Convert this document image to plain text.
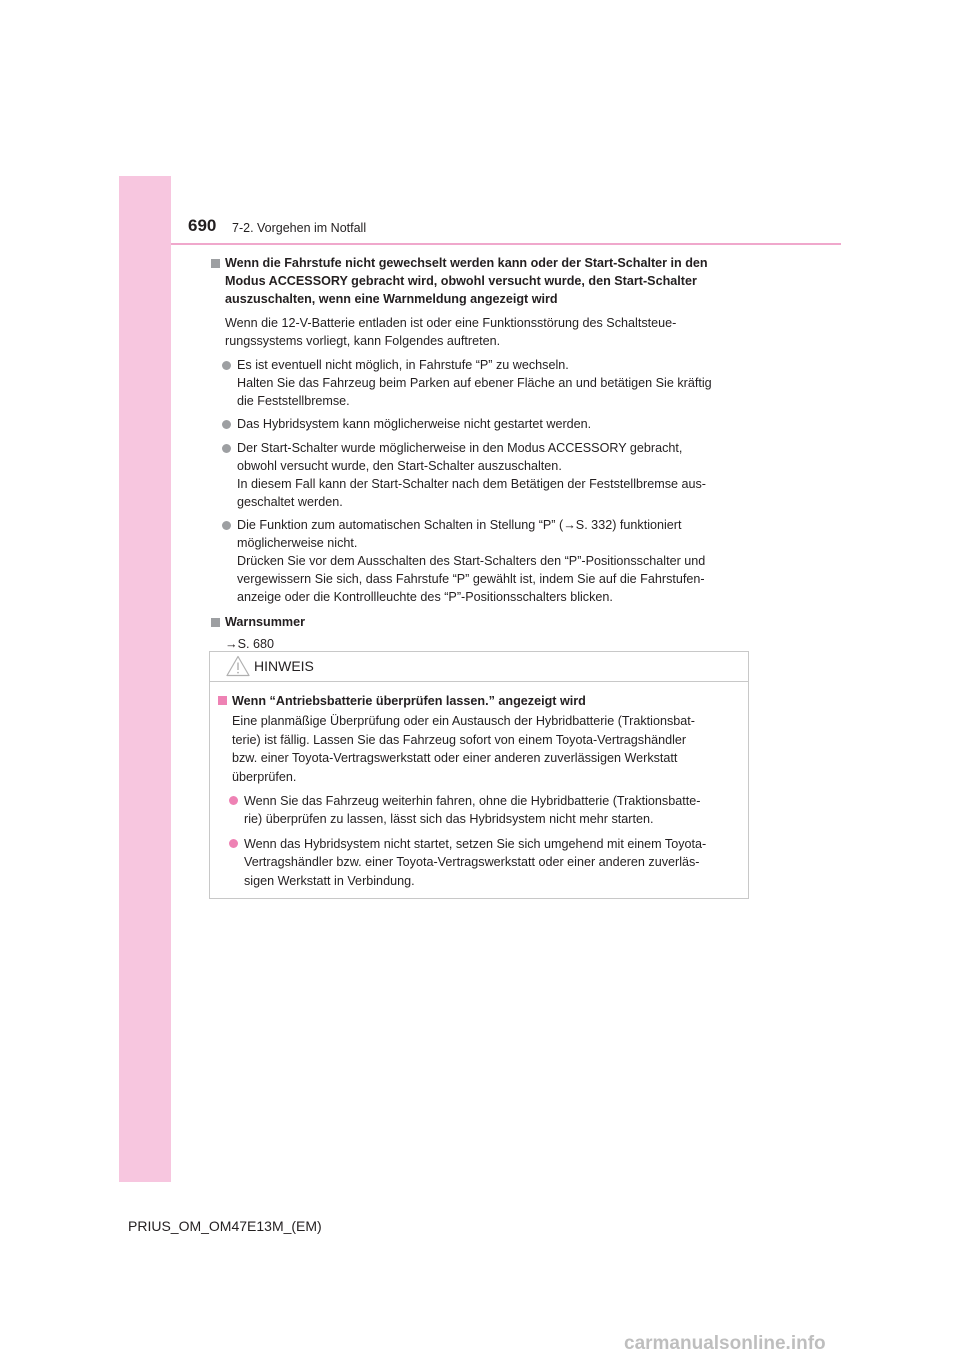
690 7-2. Vorgehen im Notfall
Wenn die Fahrstufe nicht gewechselt werden kann oder der Start-Schalter in den
Modus ACCESSORY gebracht wird, obwohl versucht wurde, den Start-Schalter
auszuschalten, wenn eine Warnmeldung angezeigt wird
Wenn die 12-V-Batterie entladen ist oder eine Funktionsstörung des Schaltsteue-
rungssystems vorliegt, kann Folgendes auftreten.
Es ist eventuell nicht möglich, in Fahrstufe “P” zu wechseln.
Halten Sie das Fahrzeug beim Parken auf ebener Fläche an und betätigen Sie kräftig
die Feststellbremse.
Das Hybridsystem kann möglicherweise nicht gestartet werden.
Der Start-Schalter wurde möglicherweise in den Modus ACCESSORY gebracht,
obwohl versucht wurde, den Start-Schalter auszuschalten.
In diesem Fall kann der Start-Schalter nach dem Betätigen der Feststellbremse aus-
geschaltet werden.
Die Funktion zum automatischen Schalten in Stellung “P” (→S. 332) funktioniert
möglicherweise nicht.
Drücken Sie vor dem Ausschalten des Start-Schalters den “P”-Positionsschalter und
vergewissern Sie sich, dass Fahrstufe “P” gewählt ist, indem Sie auf die Fahrstufen-
anzeige oder die Kontrollleuchte des “P”-Positionsschalters blicken.
Warnsummer
→S. 680
HINWEIS
Wenn “Antriebsbatterie überprüfen lassen.” angezeigt wird
Eine planmäßige Überprüfung oder ein Austausch der Hybridbatterie (Traktionsbat-
terie) ist fällig. Lassen Sie das Fahrzeug sofort von einem Toyota-Vertragshändler
bzw. einer Toyota-Vertragswerkstatt oder einer anderen zuverlässigen Werkstatt
überprüfen.
Wenn Sie das Fahrzeug weiterhin fahren, ohne die Hybridbatterie (Traktionsbatte-
rie) überprüfen zu lassen, lässt sich das Hybridsystem nicht mehr starten.
Wenn das Hybridsystem nicht startet, setzen Sie sich umgehend mit einem Toyota-
Vertragshändler bzw. einer Toyota-Vertragswerkstatt oder einer anderen zuverläs-
sigen Werkstatt in Verbindung.
PRIUS_OM_OM47E13M_(EM)
carmanualsonline.info
